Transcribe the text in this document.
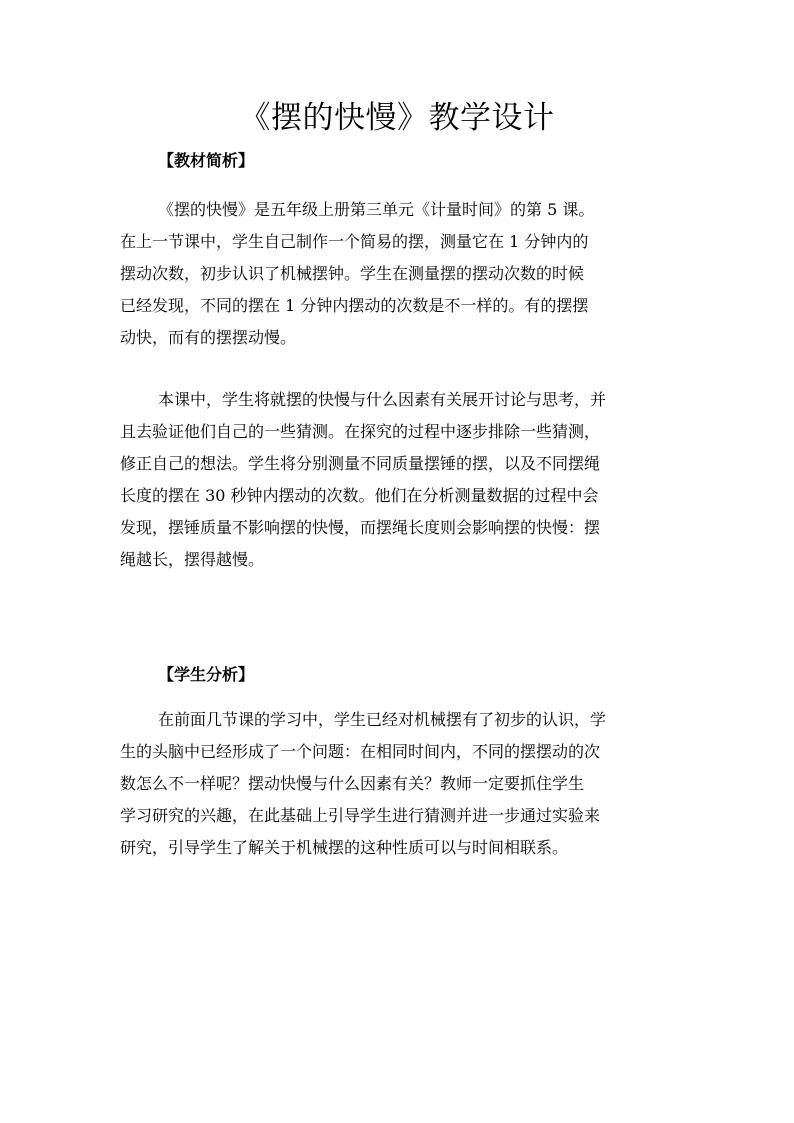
《摆的快慢》教学设计
【教材简析】

《摆的快慢》是五年级上册第三单元《计量时间》的第 5 课。
在上一节课中，学生自己制作一个简易的摆，测量它在 1 分钟内的
摆动次数，初步认识了机械摆钟。学生在测量摆的摆动次数的时候
已经发现，不同的摆在 1 分钟内摆动的次数是不一样的。有的摆摆
动快，而有的摆摆动慢。

本课中，学生将就摆的快慢与什么因素有关展开讨论与思考，并
且去验证他们自己的一些猜测。在探究的过程中逐步排除一些猜测，
修正自己的想法。学生将分别测量不同质量摆锤的摆，以及不同摆绳
长度的摆在 30 秒钟内摆动的次数。他们在分析测量数据的过程中会
发现，摆锤质量不影响摆的快慢，而摆绳长度则会影响摆的快慢：摆
绳越长，摆得越慢。

【学生分析】

在前面几节课的学习中，学生已经对机械摆有了初步的认识，学
生的头脑中已经形成了一个问题：在相同时间内，不同的摆摆动的次
数怎么不一样呢？摆动快慢与什么因素有关？教师一定要抓住学生
学习研究的兴趣，在此基础上引导学生进行猜测并进一步通过实验来
研究，引导学生了解关于机械摆的这种性质可以与时间相联系。
